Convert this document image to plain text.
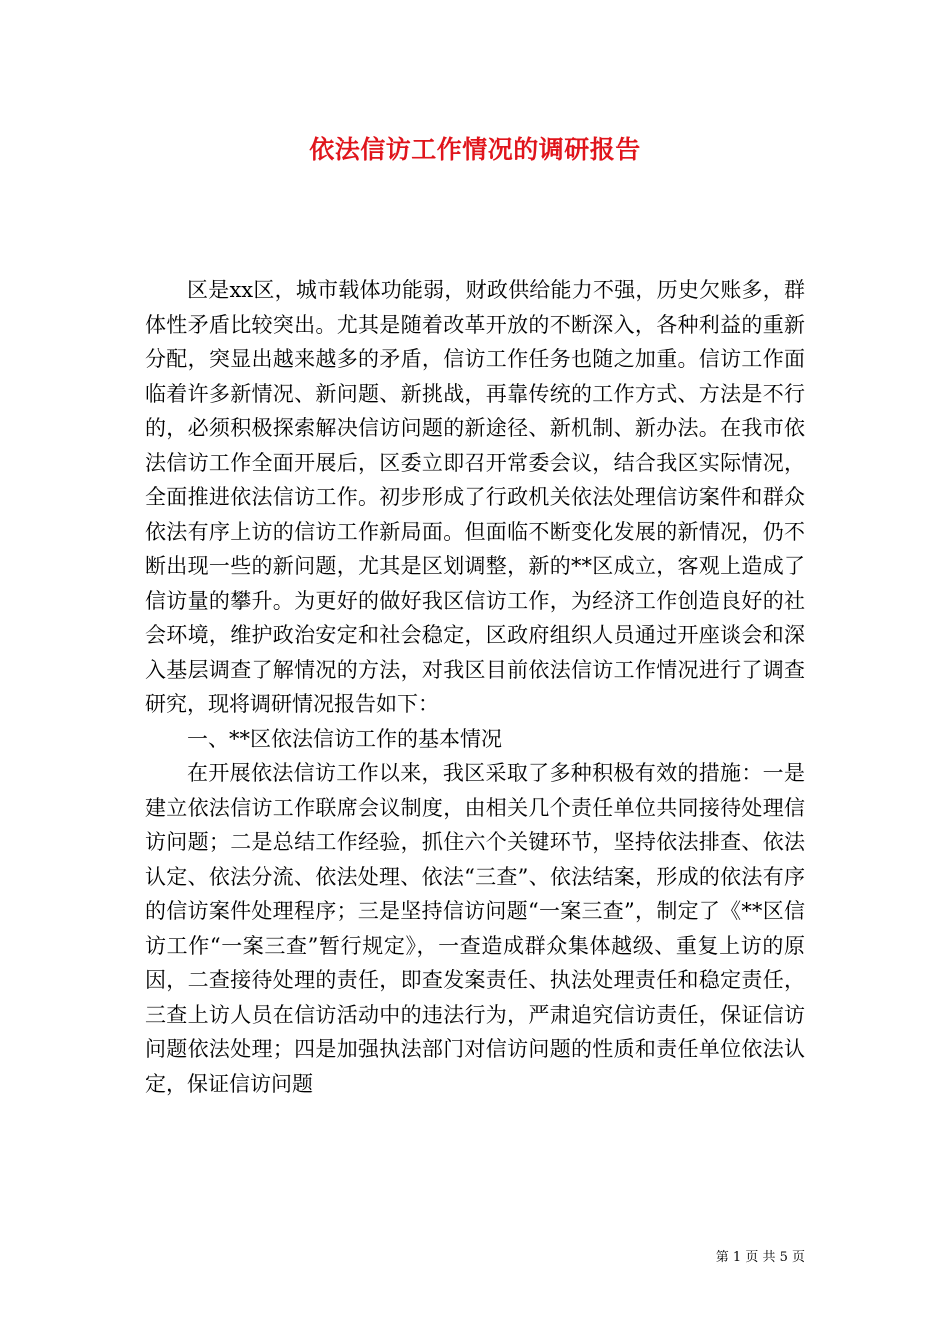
依法信访工作情况的调研报告

区是xx区，城市载体功能弱，财政供给能力不强，历史欠账多，群体性矛盾比较突出。尤其是随着改革开放的不断深入，各种利益的重新分配，突显出越来越多的矛盾，信访工作任务也随之加重。信访工作面临着许多新情况、新问题、新挑战，再靠传统的工作方式、方法是不行的，必须积极探索解决信访问题的新途径、新机制、新办法。在我市依法信访工作全面开展后，区委立即召开常委会议，结合我区实际情况，全面推进依法信访工作。初步形成了行政机关依法处理信访案件和群众依法有序上访的信访工作新局面。但面临不断变化发展的新情况，仍不断出现一些的新问题，尤其是区划调整，新的**区成立，客观上造成了信访量的攀升。为更好的做好我区信访工作，为经济工作创造良好的社会环境，维护政治安定和社会稳定，区政府组织人员通过开座谈会和深入基层调查了解情况的方法，对我区目前依法信访工作情况进行了调查研究，现将调研情况报告如下：

一、**区依法信访工作的基本情况

在开展依法信访工作以来，我区采取了多种积极有效的措施：一是建立依法信访工作联席会议制度，由相关几个责任单位共同接待处理信访问题；二是总结工作经验，抓住六个关键环节，坚持依法排查、依法认定、依法分流、依法处理、依法“三查”、依法结案，形成的依法有序的信访案件处理程序；三是坚持信访问题“一案三查”，制定了《**区信访工作“一案三查”暂行规定》，一查造成群众集体越级、重复上访的原因，二查接待处理的责任，即查发案责任、执法处理责任和稳定责任，三查上访人员在信访活动中的违法行为，严肃追究信访责任，保证信访问题依法处理；四是加强执法部门对信访问题的性质和责任单位依法认定，保证信访问题

第 1 页 共 5 页
